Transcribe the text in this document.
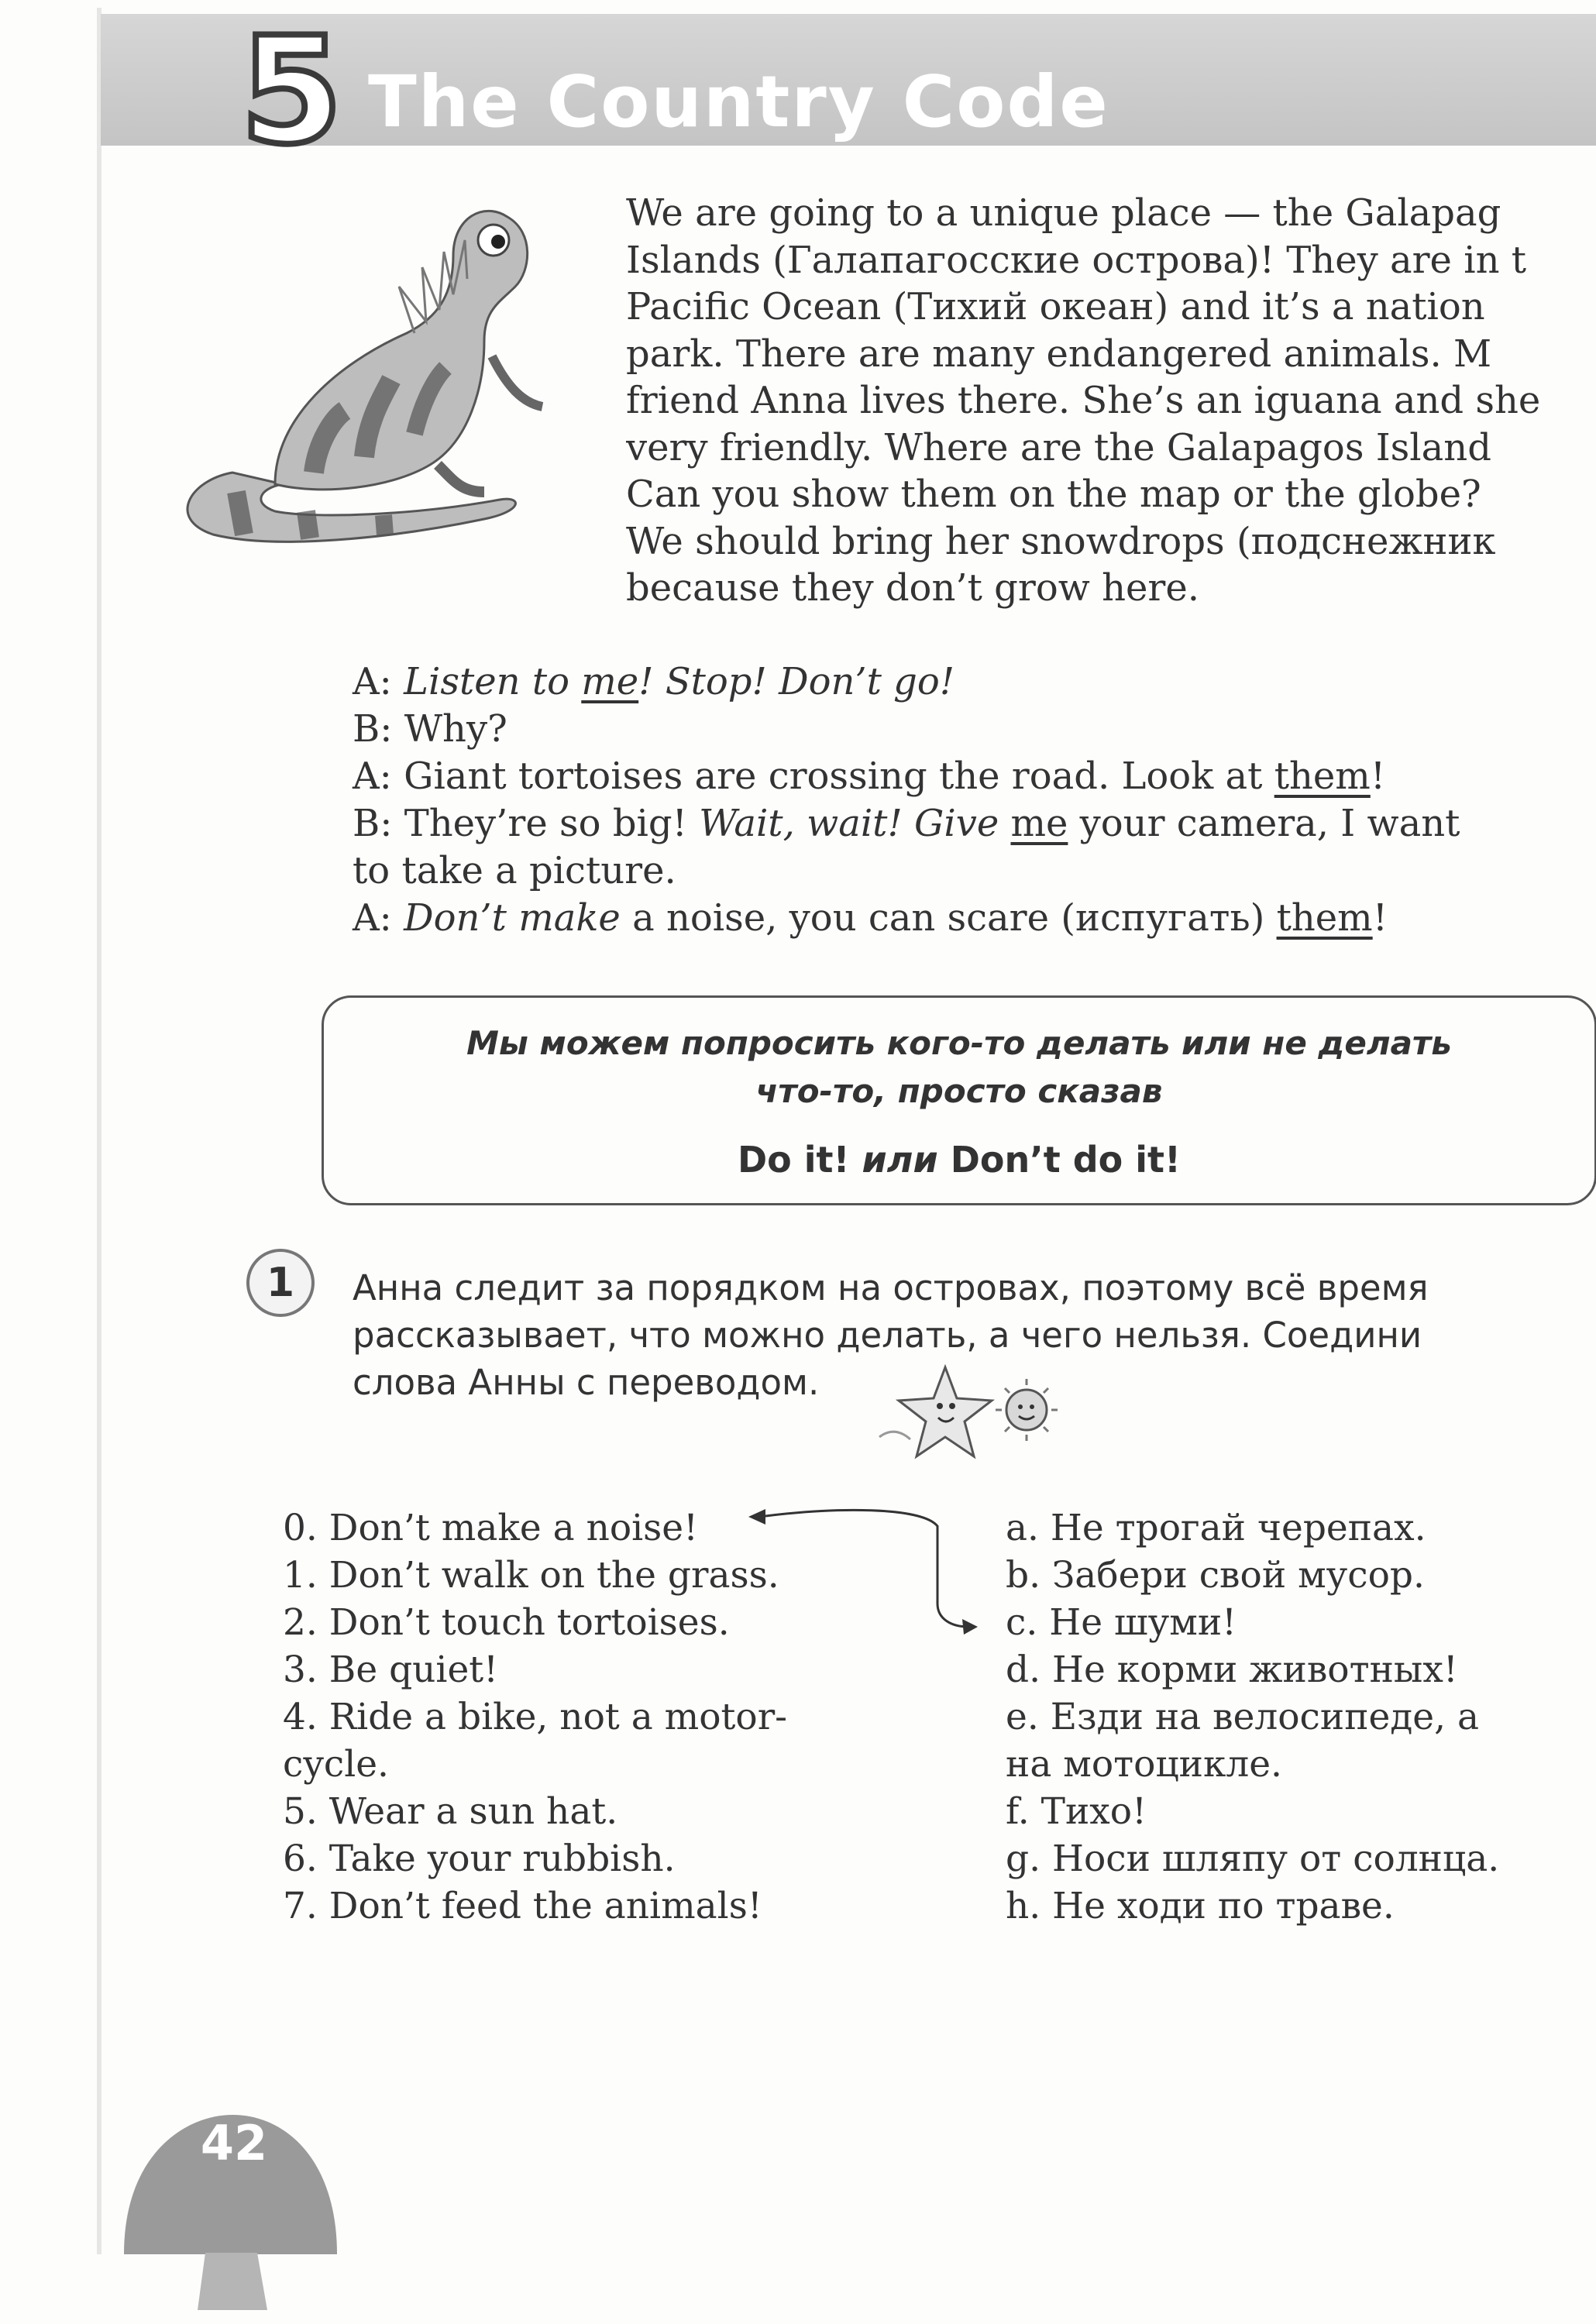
5 The Country Code
We are going to a unique place — the Galapag
Islands (Галапагосские острова)! They are in t
Pacific Ocean (Тихий океан) and it’s a nation
park. There are many endangered animals. M
friend Anna lives there. She’s an iguana and she
very friendly. Where are the Galapagos Island
Can you show them on the map or the globe?
We should bring her snowdrops (подснежник
because they don’t grow here.
A: Listen to me! Stop! Don’t go!
B: Why?
A: Giant tortoises are crossing the road. Look at them!
B: They’re so big! Wait, wait! Give me your camera, I want
to take a picture.
A: Don’t make a noise, you can scare (испугать) them!
Мы можем попросить кого-то делать или не делать
что-то, просто сказав
Do it! или Don’t do it!
1	Анна следит за порядком на островах, поэтому всё время
рассказывает, что можно делать, а чего нельзя. Соедини
слова Анны с переводом.
0. Don’t make a noise!
1. Don’t walk on the grass.
2. Don’t touch tortoises.
3. Be quiet!
4. Ride a bike, not a motor-
cycle.
5. Wear a sun hat.
6. Take your rubbish.
7. Don’t feed the animals!
a. Не трогай черепах.
b. Забери свой мусор.
c. Не шуми!
d. Не корми животных!
e. Езди на велосипеде, а
на мотоцикле.
f. Тихо!
g. Носи шляпу от солнца.
h. Не ходи по траве.
42
